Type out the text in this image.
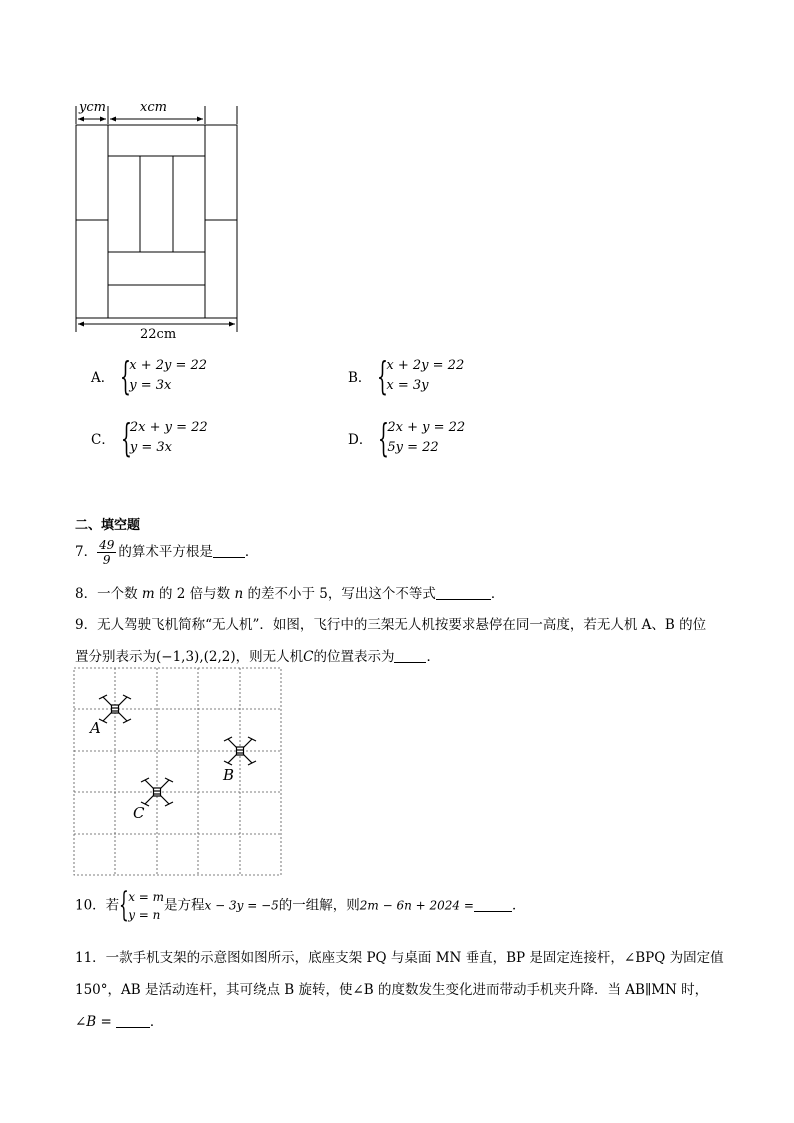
ycm	xcm
22cm
A． {
x + 2y = 22
y = 3x	B． {
x + 2y = 22
x = 3y
C． {
2x + y = 22
y = 3x	D． {
2x + y = 22
5y = 22
二、填空题
7． $\frac{49}{9}$ 的算术平方根是 ．
8．一个数 m 的 2 倍与数 n 的差不小于 5，写出这个不等式	．
9．无人驾驶飞机简称“无人机”．如图，飞行中的三架无人机按要求悬停在同一高度，若无人机 A、B 的位
置分别表示为(−1,3),(2,2)，则无人机C的位置表示为 ．
A
B
C
10．若 { x = m
y = n
是方程x − 3y = −5的一组解，则2m − 6n + 2024 =	．
11．一款手机支架的示意图如图所示，底座支架 PQ 与桌面 MN 垂直，BP 是固定连接杆，∠BPQ 为固定值
150°，AB 是活动连杆，其可绕点 B 旋转，使∠B 的度数发生变化进而带动手机夹升降．当 AB∥MN 时，
∠B =	．
